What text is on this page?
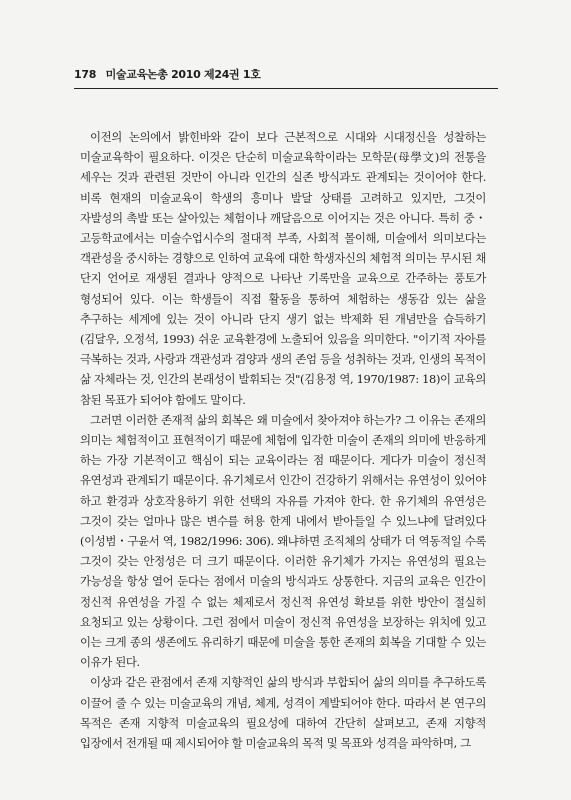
178 미술교육논총 2010 제24권 1호

이전의 논의에서 밝힌바와 같이 보다 근본적으로 시대와 시대정신을 성찰하는 미술교육학이 필요하다. 이것은 단순히 미술교육학이라는 모학문(母學文)의 전통을 세우는 것과 관련된 것만이 아니라 인간의 실존 방식과도 관계되는 것이어야 한다. 비록 현재의 미술교육이 학생의 흥미나 발달 상태를 고려하고 있지만, 그것이 자발성의 촉발 또는 살아있는 체험이나 깨달음으로 이어지는 것은 아니다. 특히 중・고등학교에서는 미술수업시수의 절대적 부족, 사회적 몰이해, 미술에서 의미보다는 객관성을 중시하는 경향으로 인하여 교육에 대한 학생자신의 체험적 의미는 무시된 채 단지 언어로 재생된 결과나 양적으로 나타난 기록만을 교육으로 간주하는 풍토가 형성되어 있다. 이는 학생들이 직접 활동을 통하여 체험하는 생동감 있는 삶을 추구하는 세계에 있는 것이 아니라 단지 생기 없는 박제화 된 개념만을 습득하기(김달우, 오정석, 1993) 쉬운 교육환경에 노출되어 있음을 의미한다. "이기적 자아를 극복하는 것과, 사랑과 객관성과 겸양과 생의 존엄 등을 성취하는 것과, 인생의 목적이 삶 자체라는 것, 인간의 본래성이 발휘되는 것"(김용정 역, 1970/1987: 18)이 교육의 참된 목표가 되어야 함에도 말이다.

그러면 이러한 존재적 삶의 회복은 왜 미술에서 찾아져야 하는가? 그 이유는 존재의 의미는 체험적이고 표현적이기 때문에 체험에 입각한 미술이 존재의 의미에 반응하게 하는 가장 기본적이고 핵심이 되는 교육이라는 점 때문이다. 게다가 미술이 정신적 유연성과 관계되기 때문이다. 유기체로서 인간이 건강하기 위해서는 유연성이 있어야 하고 환경과 상호작용하기 위한 선택의 자유를 가져야 한다. 한 유기체의 유연성은 그것이 갖는 얼마나 많은 변수를 허용 한계 내에서 받아들일 수 있느냐에 달려있다(이성범・구윤서 역, 1982/1996: 306). 왜냐하면 조직체의 상태가 더 역동적일 수록 그것이 갖는 안정성은 더 크기 때문이다. 이러한 유기체가 가지는 유연성의 필요는 가능성을 항상 열어 둔다는 점에서 미술의 방식과도 상통한다. 지금의 교육은 인간이 정신적 유연성을 가질 수 없는 체제로서 정신적 유연성 확보를 위한 방안이 절실히 요청되고 있는 상황이다. 그런 점에서 미술이 정신적 유연성을 보장하는 위치에 있고 이는 크게 종의 생존에도 유리하기 때문에 미술을 통한 존재의 회복을 기대할 수 있는 이유가 된다.

이상과 같은 관점에서 존재 지향적인 삶의 방식과 부합되어 삶의 의미를 추구하도록 이끌어 줄 수 있는 미술교육의 개념, 체계, 성격이 계발되어야 한다. 따라서 본 연구의 목적은 존재 지향적 미술교육의 필요성에 대하여 간단히 살펴보고, 존재 지향적 입장에서 전개될 때 제시되어야 할 미술교육의 목적 및 목표와 성격을 파악하며, 그
